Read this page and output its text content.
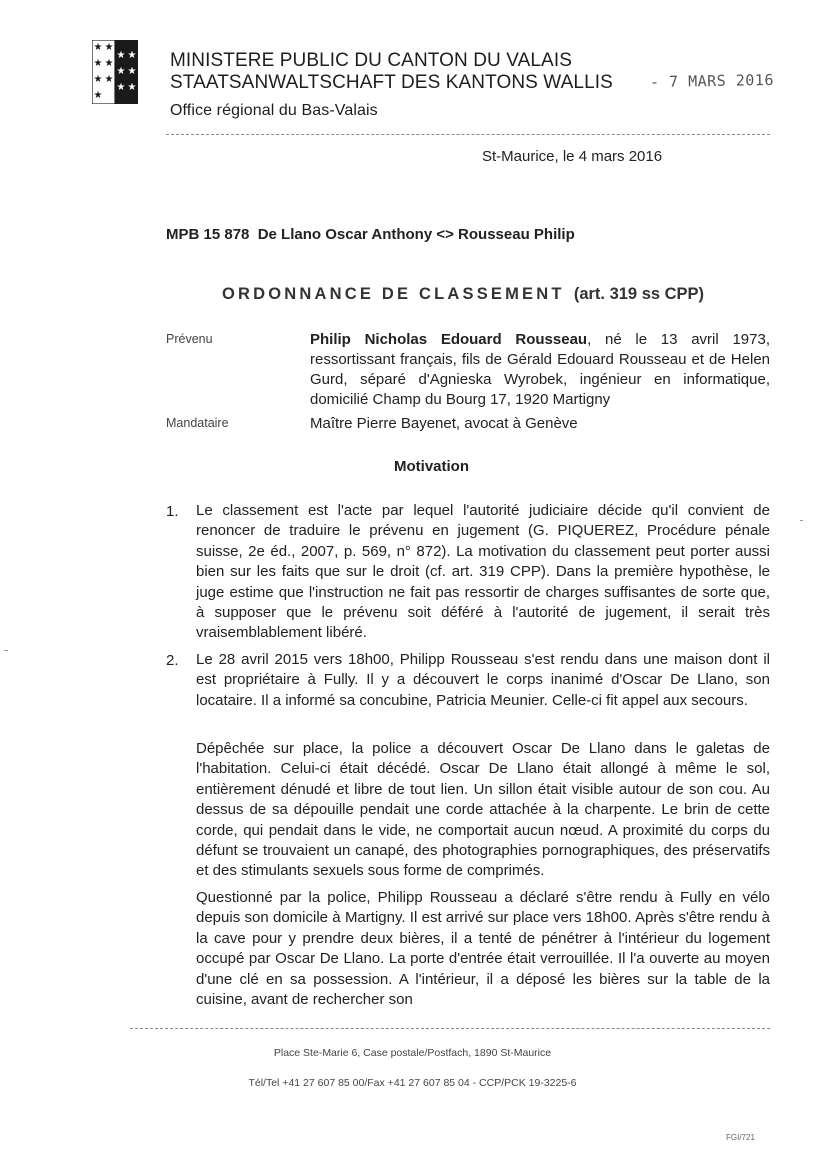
★ ★
★ ★
★ ★
★
★ ★
★ ★
★ ★
MINISTERE PUBLIC DU CANTON DU VALAIS
STAATSANWALTSCHAFT DES KANTONS WALLIS
Office régional du Bas-Valais
- 7 MARS 2016
St-Maurice, le 4 mars 2016
MPB 15 878  De Llano Oscar Anthony <> Rousseau Philip
ORDONNANCE DE CLASSEMENT (art. 319 ss CPP)
Prévenu	Philip Nicholas Edouard Rousseau, né le 13 avril 1973, ressortissant français, fils de Gérald Edouard Rousseau et de Helen Gurd, séparé d'Agnieska Wyrobek, ingénieur en informatique, domicilié Champ du Bourg 17, 1920 Martigny
Mandataire	Maître Pierre Bayenet, avocat à Genève
Motivation
1. Le classement est l'acte par lequel l'autorité judiciaire décide qu'il convient de renoncer de traduire le prévenu en jugement (G. PIQUEREZ, Procédure pénale suisse, 2e éd., 2007, p. 569, n° 872). La motivation du classement peut porter aussi bien sur les faits que sur le droit (cf. art. 319 CPP). Dans la première hypothèse, le juge estime que l'instruction ne fait pas ressortir de charges suffisantes de sorte que, à supposer que le prévenu soit déféré à l'autorité de jugement, il serait très vraisemblablement libéré.
2. Le 28 avril 2015 vers 18h00, Philipp Rousseau s'est rendu dans une maison dont il est propriétaire à Fully. Il y a découvert le corps inanimé d'Oscar De Llano, son locataire. Il a informé sa concubine, Patricia Meunier. Celle-ci fit appel aux secours.
Dépêchée sur place, la police a découvert Oscar De Llano dans le galetas de l'habitation. Celui-ci était décédé. Oscar De Llano était allongé à même le sol, entièrement dénudé et libre de tout lien. Un sillon était visible autour de son cou. Au dessus de sa dépouille pendait une corde attachée à la charpente. Le brin de cette corde, qui pendait dans le vide, ne comportait aucun nœud. A proximité du corps du défunt se trouvaient un canapé, des photographies pornographiques, des préservatifs et des stimulants sexuels sous forme de comprimés.
Questionné par la police, Philipp Rousseau a déclaré s'être rendu à Fully en vélo depuis son domicile à Martigny. Il est arrivé sur place vers 18h00. Après s'être rendu à la cave pour y prendre deux bières, il a tenté de pénétrer à l'intérieur du logement occupé par Oscar De Llano. La porte d'entrée était verrouillée. Il l'a ouverte au moyen d'une clé en sa possession. A l'intérieur, il a déposé les bières sur la table de la cuisine, avant de rechercher son
Place Ste-Marie 6, Case postale/Postfach, 1890 St-Maurice
Tél/Tel +41 27 607 85 00/Fax +41 27 607 85 04 - CCP/PCK 19-3225-6
FGI/721
